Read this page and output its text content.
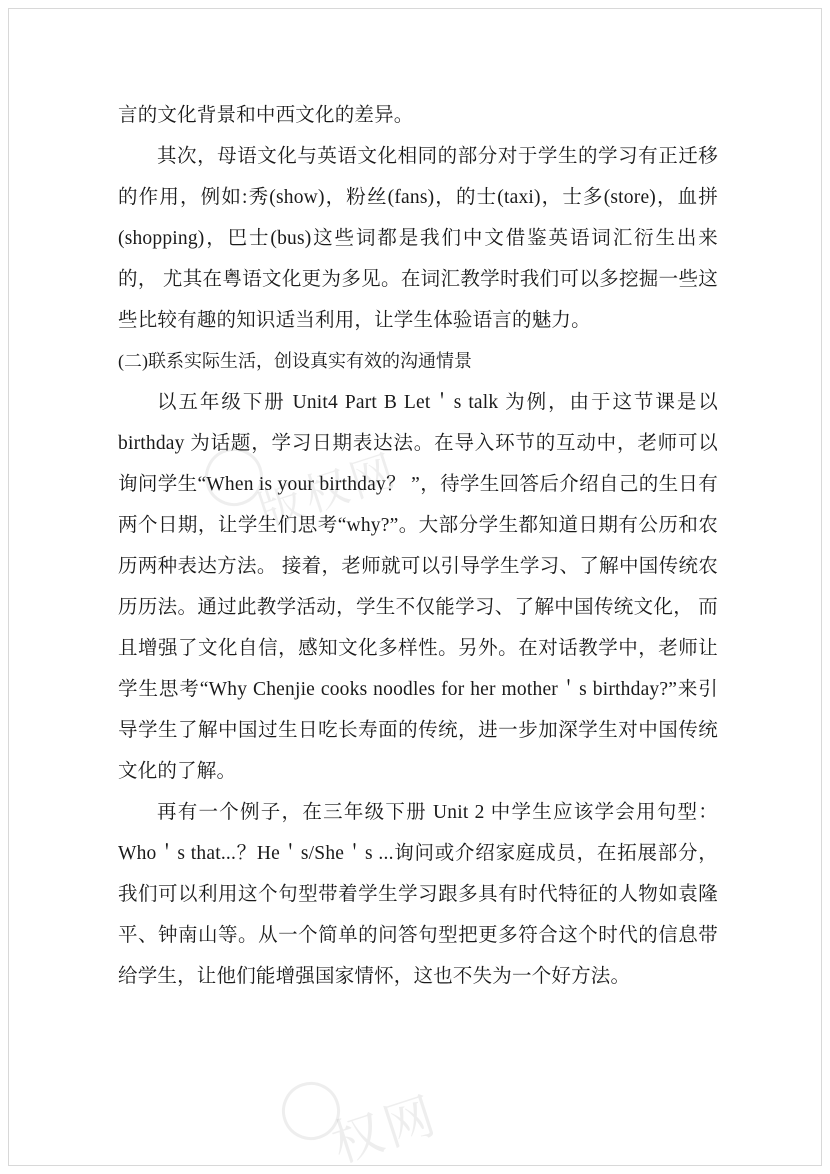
版权网
权网

言的文化背景和中西文化的差异。

其次，母语文化与英语文化相同的部分对于学生的学习有正迁移的作用，例如:秀(show)，粉丝(fans)，的士(taxi)，士多(store)，血拼(shopping)，巴士(bus)这些词都是我们中文借鉴英语词汇衍生出来的， 尤其在粤语文化更为多见。在词汇教学时我们可以多挖掘一些这些比较有趣的知识适当利用，让学生体验语言的魅力。

(二)联系实际生活，创设真实有效的沟通情景

以五年级下册 Unit4 Part B Let＇s talk 为例，由于这节课是以 birthday 为话题，学习日期表达法。在导入环节的互动中，老师可以询问学生“When is your birthday？ ”，待学生回答后介绍自己的生日有两个日期，让学生们思考“why?”。大部分学生都知道日期有公历和农历两种表达方法。 接着，老师就可以引导学生学习、了解中国传统农历历法。通过此教学活动，学生不仅能学习、了解中国传统文化， 而且增强了文化自信，感知文化多样性。另外。在对话教学中，老师让学生思考“Why Chenjie cooks noodles for her mother＇s birthday?”来引导学生了解中国过生日吃长寿面的传统，进一步加深学生对中国传统文化的了解。

再有一个例子，在三年级下册 Unit 2 中学生应该学会用句型：Who＇s that...？He＇s/She＇s ...询问或介绍家庭成员，在拓展部分，我们可以利用这个句型带着学生学习跟多具有时代特征的人物如袁隆平、钟南山等。从一个简单的问答句型把更多符合这个时代的信息带给学生，让他们能增强国家情怀，这也不失为一个好方法。
